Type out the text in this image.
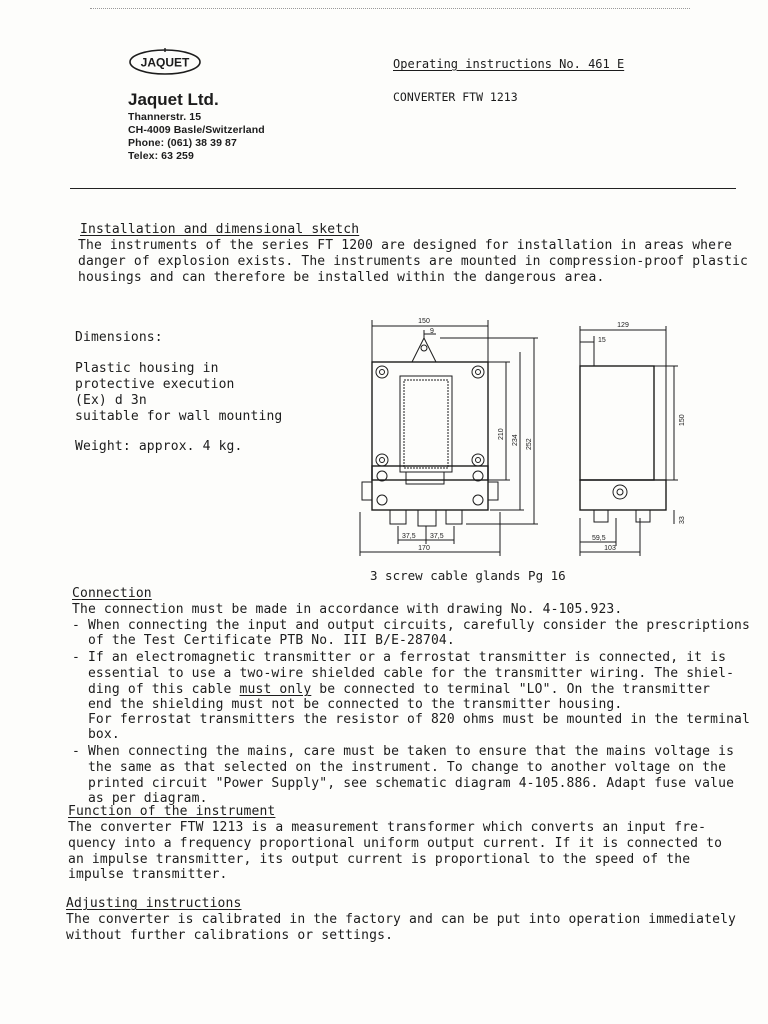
JAQUET
Jaquet Ltd.
Thannerstr. 15
CH-4009 Basle/Switzerland
Phone: (061) 38 39 87
Telex: 63 259
Operating instructions No. 461 E
CONVERTER FTW 1213
Installation and dimensional sketch
The instruments of the series FT 1200 are designed for installation in areas where
danger of explosion exists. The instruments are mounted in compression-proof plastic
housings and can therefore be installed within the dangerous area.
Dimensions:
Plastic housing in
protective execution
(Ex) d 3n
suitable for wall mounting
Weight: approx. 4 kg.
150
9
210
234 252
37,5 37,5
170
129
15
150
33
59,5
103
3 screw cable glands Pg 16
Connection
The connection must be made in accordance with drawing No. 4-105.923.
- When connecting the input and output circuits, carefully consider the prescriptions
of the Test Certificate PTB No. III B/E-28704.
- If an electromagnetic transmitter or a ferrostat transmitter is connected, it is
essential to use a two-wire shielded cable for the transmitter wiring. The shiel-
ding of this cable must only be connected to terminal "LO". On the transmitter
end the shielding must not be connected to the transmitter housing.
For ferrostat transmitters the resistor of 820 ohms must be mounted in the terminal
box.
- When connecting the mains, care must be taken to ensure that the mains voltage is
the same as that selected on the instrument. To change to another voltage on the
printed circuit "Power Supply", see schematic diagram 4-105.886. Adapt fuse value
as per diagram.
Function of the instrument
The converter FTW 1213 is a measurement transformer which converts an input fre-
quency into a frequency proportional uniform output current. If it is connected to
an impulse transmitter, its output current is proportional to the speed of the
impulse transmitter.
Adjusting instructions
The converter is calibrated in the factory and can be put into operation immediately
without further calibrations or settings.
